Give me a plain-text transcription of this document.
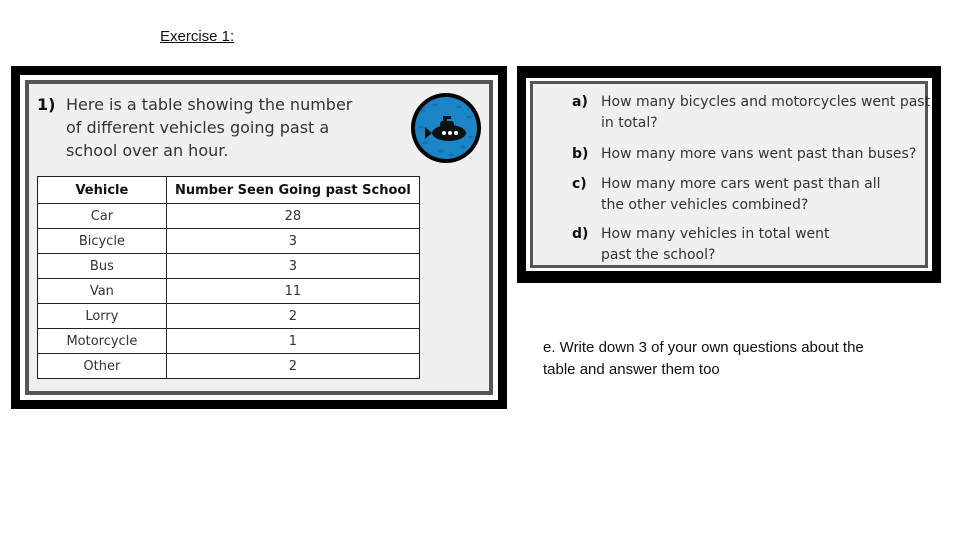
Exercise 1:
1) Here is a table showing the number of different vehicles going past a school over an hour.
Vehicle	Number Seen Going past School
Car	28
Bicycle	3
Bus	3
Van	11
Lorry	2
Motorcycle	1
Other	2
a) How many bicycles and motorcycles went past in total?
b) How many more vans went past than buses?
c) How many more cars went past than all the other vehicles combined?
d) How many vehicles in total went past the school?
e. Write down 3 of your own questions about the table and answer them too
